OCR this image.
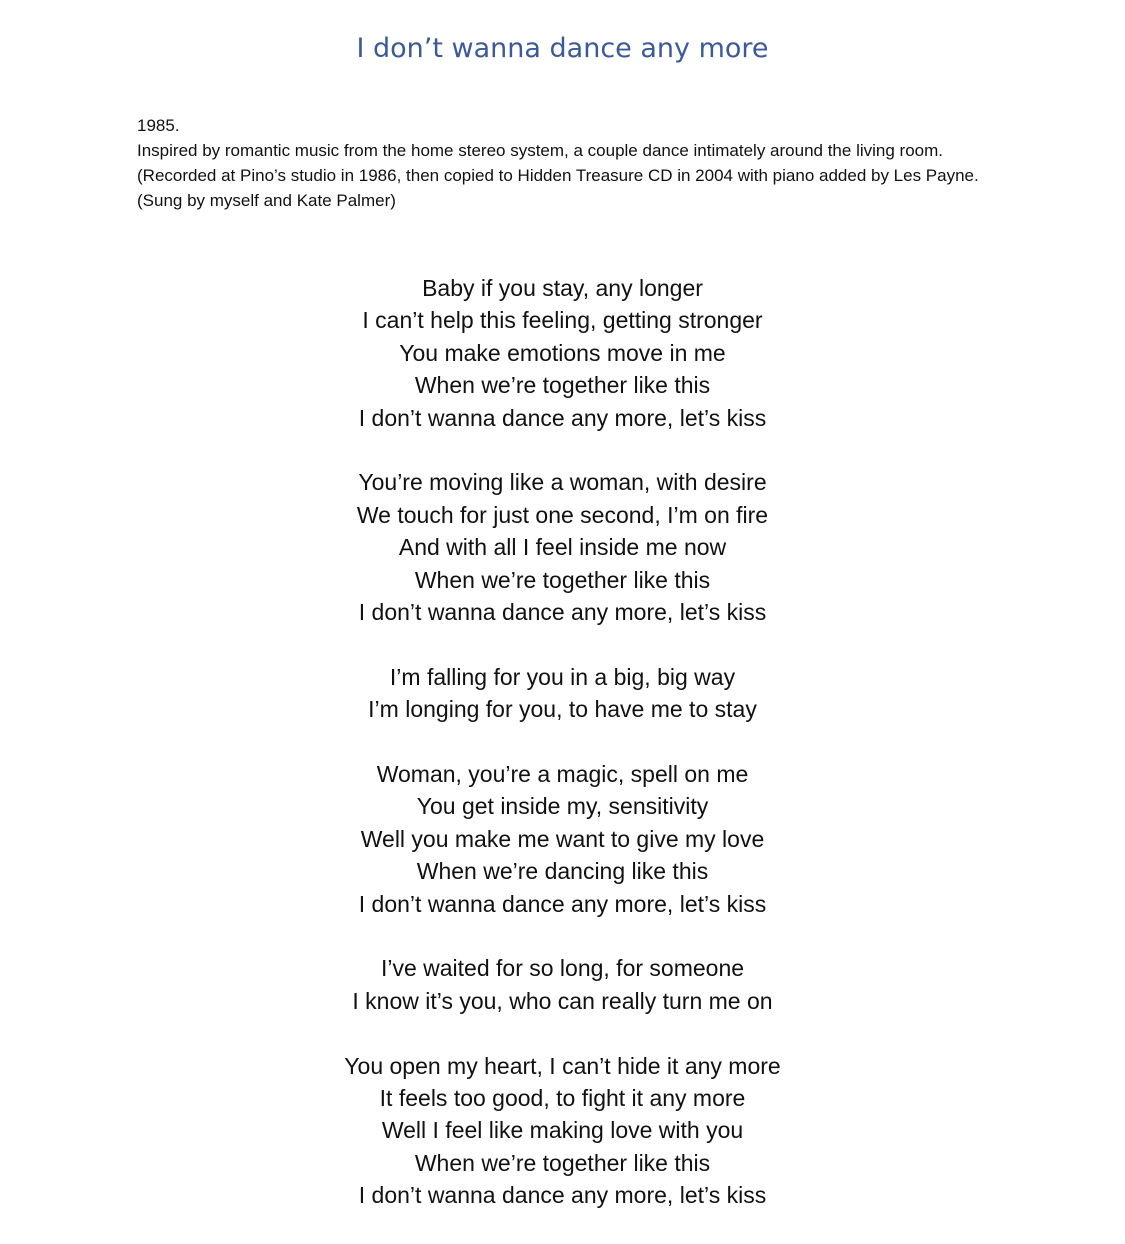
I don’t wanna dance any more

1985.

Inspired by romantic music from the home stereo system, a couple dance intimately around the living room.

(Recorded at Pino’s studio in 1986, then copied to Hidden Treasure CD in 2004 with piano added by Les Payne. (Sung by myself and Kate Palmer)

Baby if you stay, any longer
I can’t help this feeling, getting stronger
You make emotions move in me
When we’re together like this
I don’t wanna dance any more, let’s kiss
You’re moving like a woman, with desire
We touch for just one second, I’m on fire
And with all I feel inside me now
When we’re together like this
I don’t wanna dance any more, let’s kiss
I’m falling for you in a big, big way
I’m longing for you, to have me to stay
Woman, you’re a magic, spell on me
You get inside my, sensitivity
Well you make me want to give my love
When we’re dancing like this
I don’t wanna dance any more, let’s kiss
I’ve waited for so long, for someone
I know it’s you, who can really turn me on
You open my heart, I can’t hide it any more
It feels too good, to fight it any more
Well I feel like making love with you
When we’re together like this
I don’t wanna dance any more, let’s kiss
